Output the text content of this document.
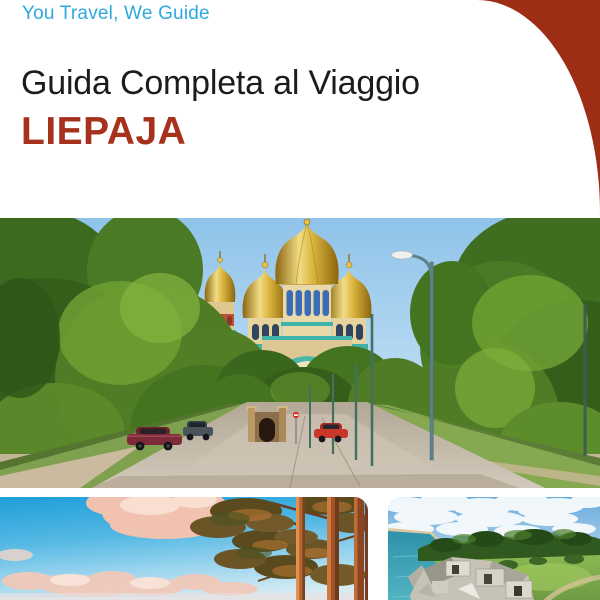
You Travel, We Guide
Guida Completa al Viaggio
LIEPAJA
